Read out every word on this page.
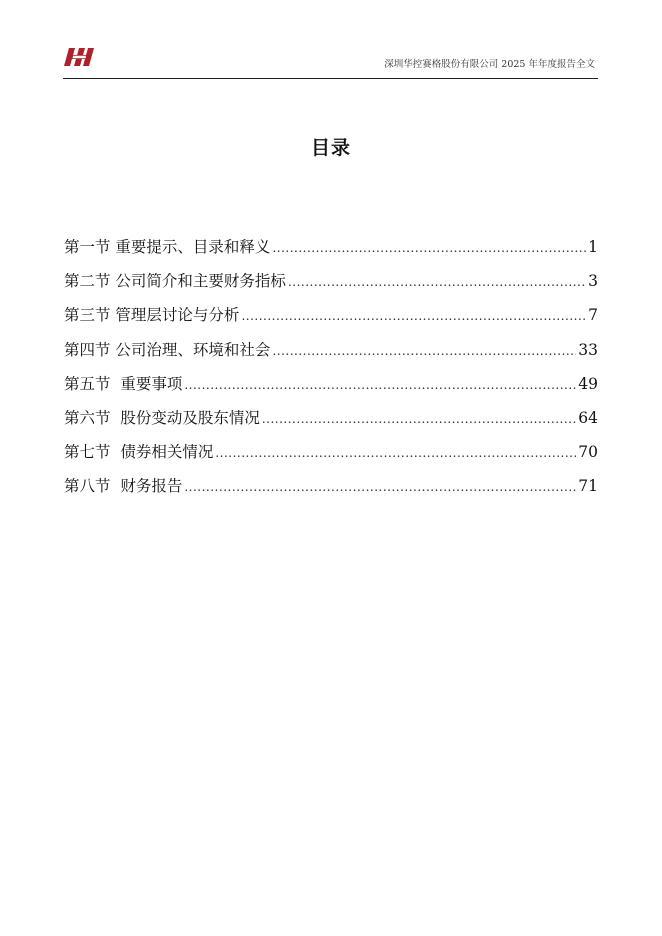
深圳华控赛格股份有限公司 2025 年年度报告全文
目录
第一节 重要提示、目录和释义 .....	1
第二节 公司简介和主要财务指标 .....	3
第三节 管理层讨论与分析 .....	7
第四节 公司治理、环境和社会 .....	33
第五节  重要事项 .....	49
第六节  股份变动及股东情况 .....	64
第七节  债券相关情况 .....	70
第八节  财务报告 .....	71
